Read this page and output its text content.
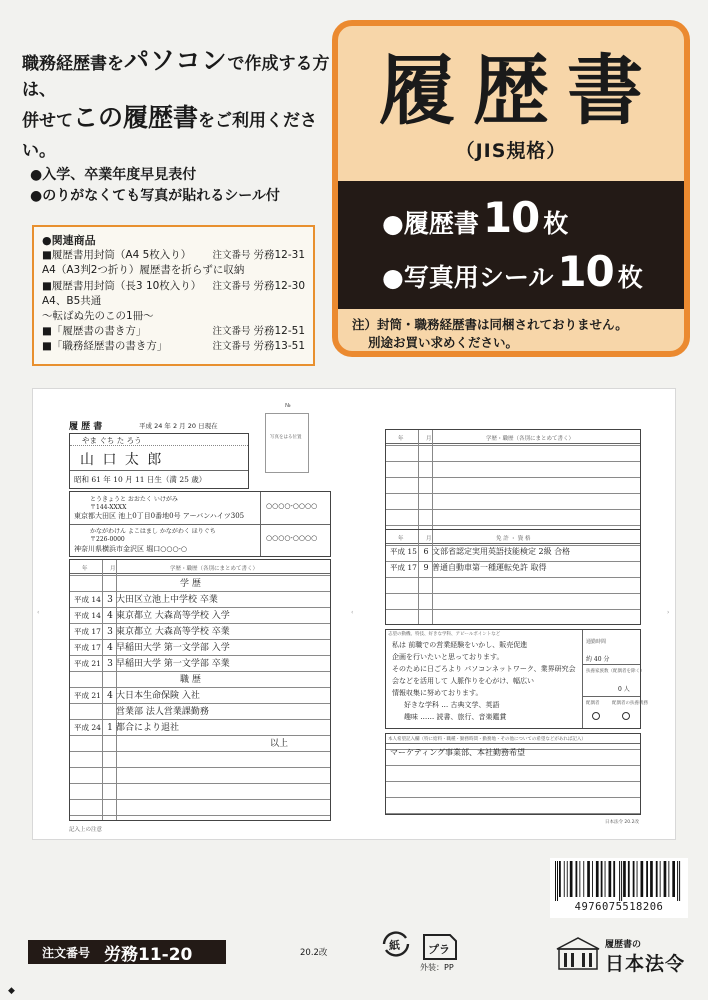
職務経歴書をパソコンで作成する方は、
併せてこの履歴書をご利用ください。
●入学、卒業年度早見表付
●のりがなくても写真が貼れるシール付
●関連商品
■履歴書用封筒（A4 5枚入り） 注文番号 労務12-31
A4（A3判2つ折り）履歴書を折らずに収納
■履歴書用封筒（長3 10枚入り） 注文番号 労務12-30
A4、B5共通
〜転ばぬ先のこの1冊〜
■「履歴書の書き方」	注文番号 労務12-51
■「職務経歴書の書き方」	注文番号 労務13-51
履歴書
（JIS規格）
●履歴書 10 枚
●写真用シール 10 枚
注）封筒・職務経歴書は同梱されておりません。
別途お買い求めください。
‹	‹	›
№
履 歴 書	平成 24 年 2 月 20 日現在
やま ぐち た ろう
山 口 太 郎
昭和 61 年 10 月 11 日生（満 25 歳）
写真をはる位置
とうきょうと おおたく いけがみ
〒144-XXXX
東京都大田区 池上0丁目0番地0号 アーバンハイツ305
○○○○-○○○○
かながわけん よこはまし かながわく ほりぐち
〒226-0000
神奈川県横浜市金沢区 堀口○○○-○
○○○○-○○○○
年	月	学歴・職歴（各別にまとめて書く）
学 歴
平成 14 3 大田区立池上中学校 卒業
平成 14 4 東京都立 大森高等学校 入学
平成 17 3 東京都立 大森高等学校 卒業
平成 17 4 早稲田大学 第一文学部 入学
平成 21 3 早稲田大学 第一文学部 卒業
職 歴
平成 21 4 大日本生命保険 入社
営業部 法人営業課勤務
平成 24 1 都合により退社
以上
年	月	学歴・職歴（各別にまとめて書く）
年	月	免 許 ・ 資 格
平成 15 6 文部省認定実用英語技能検定 2級 合格
平成 17 9 普通自動車第一種運転免許 取得
志望の動機、特技、好きな学科、アピールポイントなど
私は 前職での営業経験をいかし、販売促進
企画を行いたいと思っております。
そのために日ごろより パソコンネットワーク、業界研究会
会などを活用して 人脈作りを心がけ、幅広い
情報収集に努めております。
好きな学科 … 古典文学、英語
趣味 …… 読書、旅行、音楽鑑賞
通勤時間
約 40 分
扶養家族数（配偶者を除く）
0 人
配偶者	配偶者の扶養義務
本人希望記入欄（特に給料・職種・勤務時間・勤務地・その他についての希望などがあれば記入）
マーケティング事業部、本社勤務希望
記入上の注意
日本法令 20.2改
4976075518206
注文番号 労務11-20	20.2改
紙	プラ
外装：PP
履歴書の
日本法令
◆
